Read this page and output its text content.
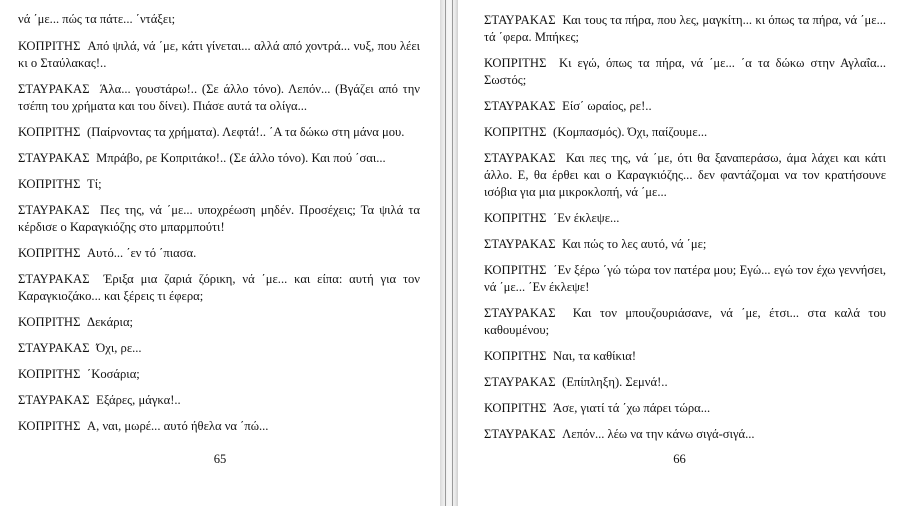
νά ΄με... πώς τα πάτε... ΄ντάξει;

ΚΟΠΡΙΤΗΣ Από ψιλά, νά ΄με, κάτι γίνεται... αλλά από χοντρά... νυξ, που λέει κι ο Σταύλακας!..

ΣΤΑΥΡΑΚΑΣ Άλα... γουστάρω!.. (Σε άλλο τόνο). Λεπόν... (Βγάζει από την τσέπη του χρήματα και του δίνει). Πιάσε αυτά τα ολίγα...

ΚΟΠΡΙΤΗΣ (Παίρνοντας τα χρήματα). Λεφτά!.. ΄Α τα δώκω στη μάνα μου.

ΣΤΑΥΡΑΚΑΣ Μπράβο, ρε Κοπριτάκο!.. (Σε άλλο τόνο). Και πού ΄σαι...

ΚΟΠΡΙΤΗΣ Τί;

ΣΤΑΥΡΑΚΑΣ Πες της, νά ΄με... υποχρέωση μηδέν. Προσέχεις; Τα ψιλά τα κέρδισε ο Καραγκιόζης στο μπαρμπούτι!

ΚΟΠΡΙΤΗΣ Αυτό... ΄εν τό ΄πιασα.

ΣΤΑΥΡΑΚΑΣ Έριξα μια ζαριά ζόρικη, νά ΄με... και είπα: αυτή για τον Καραγκιοζάκο... και ξέρεις τι έφερα;

ΚΟΠΡΙΤΗΣ Δεκάρια;

ΣΤΑΥΡΑΚΑΣ Όχι, ρε...

ΚΟΠΡΙΤΗΣ ΄Κοσάρια;

ΣΤΑΥΡΑΚΑΣ Εξάρες, μάγκα!..

ΚΟΠΡΙΤΗΣ Α, ναι, μωρέ... αυτό ήθελα να ΄πώ...

65

ΣΤΑΥΡΑΚΑΣ Και τους τα πήρα, που λες, μαγκίτη... κι όπως τα πήρα, νά ΄με... τά ΄φερα. Μπήκες;

ΚΟΠΡΙΤΗΣ Κι εγώ, όπως τα πήρα, νά ΄με... ΄α τα δώκω στην Αγλαΐα... Σωστός;

ΣΤΑΥΡΑΚΑΣ Είσ΄ ωραίος, ρε!..

ΚΟΠΡΙΤΗΣ (Κομπασμός). Όχι, παίζουμε...

ΣΤΑΥΡΑΚΑΣ Και πες της, νά ΄με, ότι θα ξαναπεράσω, άμα λάχει και κάτι άλλο. Ε, θα έρθει και ο Καραγκιόζης... δεν φαντάζομαι να τον κρατήσουνε ισόβια για μια μικροκλοπή, νά ΄με...

ΚΟΠΡΙΤΗΣ ΄Εν έκλεψε...

ΣΤΑΥΡΑΚΑΣ Και πώς το λες αυτό, νά ΄με;

ΚΟΠΡΙΤΗΣ ΄Εν ξέρω ΄γώ τώρα τον πατέρα μου; Εγώ... εγώ τον έχω γεννήσει, νά ΄με... ΄Εν έκλεψε!

ΣΤΑΥΡΑΚΑΣ Και τον μπουζουριάσανε, νά ΄με, έτσι... στα καλά του καθουμένου;

ΚΟΠΡΙΤΗΣ Ναι, τα καθίκια!

ΣΤΑΥΡΑΚΑΣ (Επίπληξη). Σεμνά!..

ΚΟΠΡΙΤΗΣ Άσε, γιατί τά ΄χω πάρει τώρα...

ΣΤΑΥΡΑΚΑΣ Λεπόν... λέω να την κάνω σιγά-σιγά...

66
